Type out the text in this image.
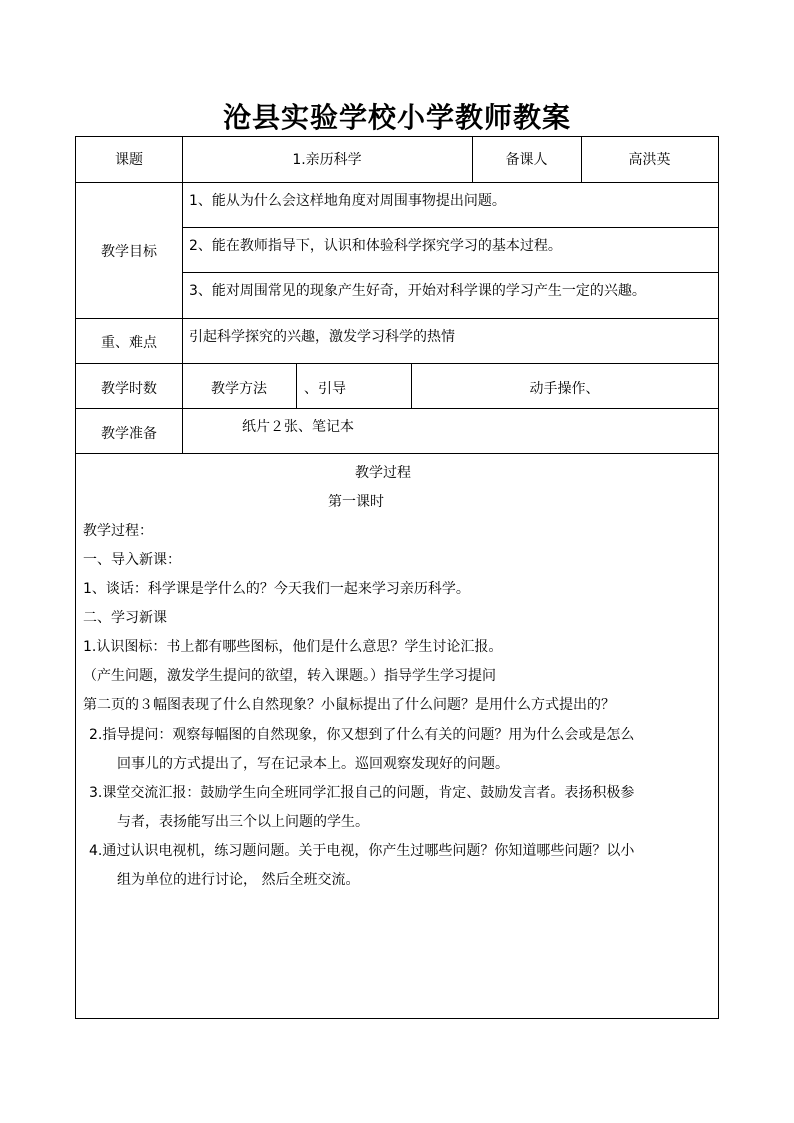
沧县实验学校小学教师教案
课题	1.亲历科学	备课人	高洪英
教学目标
1、能从为什么会这样地角度对周围事物提出问题。
2、能在教师指导下，认识和体验科学探究学习的基本过程。
3、能对周围常见的现象产生好奇，开始对科学课的学习产生一定的兴趣。
重、难点	引起科学探究的兴趣，激发学习科学的热情
教学时数	教学方法	、引导	动手操作、
教学准备	纸片２张、笔记本
教学过程
第一课时
教学过程：
一、导入新课：
1、谈话：科学课是学什么的？今天我们一起来学习亲历科学。
二、学习新课
1.认识图标：书上都有哪些图标，他们是什么意思？学生讨论汇报。
（产生问题，激发学生提问的欲望，转入课题。）指导学生学习提问
第二页的３幅图表现了什么自然现象？小鼠标提出了什么问题？是用什么方式提出的？
2.指导提问：观察每幅图的自然现象，你又想到了什么有关的问题？用为什么会或是怎么
回事儿的方式提出了，写在记录本上。巡回观察发现好的问题。
3.课堂交流汇报：鼓励学生向全班同学汇报自己的问题，肯定、鼓励发言者。表扬积极参
与者，表扬能写出三个以上问题的学生。
4.通过认识电视机，练习题问题。关于电视，你产生过哪些问题？你知道哪些问题？以小
组为单位的进行讨论， 然后全班交流。
